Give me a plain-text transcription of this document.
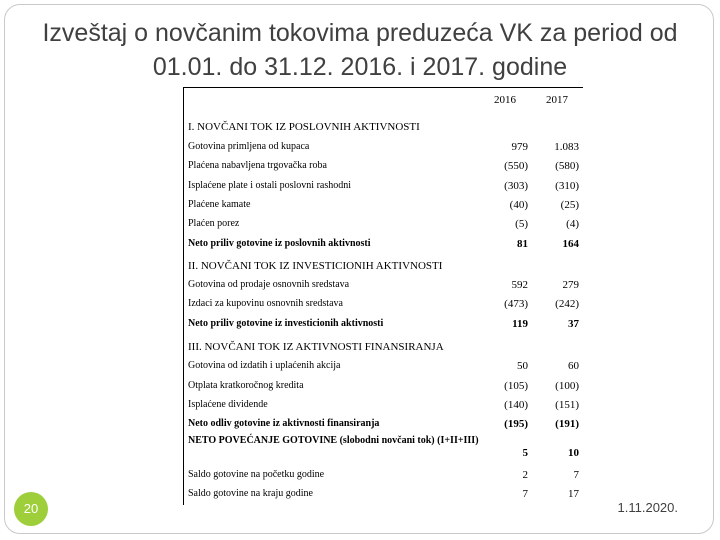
Izveštaj o novčanim tokovima preduzeća VK za period od 01.01. do 31.12. 2016. i 2017. godine
2016	2017
I. NOVČANI TOK IZ POSLOVNIH AKTIVNOSTI
Gotovina primljena od kupaca	979	1.083
Plaćena nabavljena trgovačka roba	(550)	(580)
Isplaćene plate i ostali poslovni rashodni	(303)	(310)
Plaćene kamate	(40)	(25)
Plaćen porez	(5)	(4)
Neto priliv gotovine iz poslovnih aktivnosti	81	164
II. NOVČANI TOK IZ INVESTICIONIH AKTIVNOSTI
Gotovina od prodaje osnovnih sredstava	592	279
Izdaci za kupovinu osnovnih sredstava	(473)	(242)
Neto priliv gotovine iz investicionih aktivnosti	119	37
III. NOVČANI TOK IZ AKTIVNOSTI FINANSIRANJA
Gotovina od izdatih i uplaćenih akcija	50	60
Otplata kratkoročnog kredita	(105)	(100)
Isplaćene dividende	(140)	(151)
Neto odliv gotovine iz aktivnosti finansiranja	(195)	(191)
NETO POVEĆANJE GOTOVINE (slobodni novčani tok) (I+II+III)
5	10
Saldo gotovine na početku godine	2	7
Saldo gotovine na kraju godine	7	17
20	1.11.2020.
